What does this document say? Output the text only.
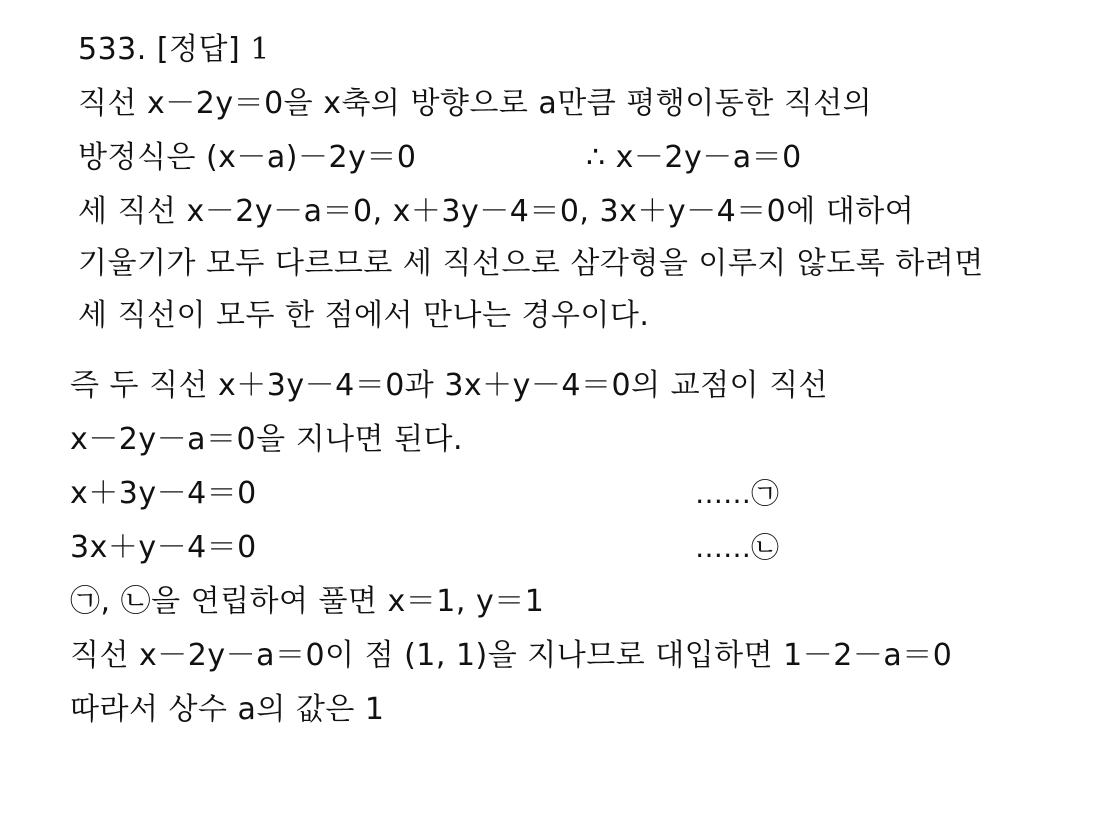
533. [정답] 1
직선 x－2y＝0을 x축의 방향으로 a만큼 평행이동한 직선의
방정식은 (x－a)－2y＝0	∴ x－2y－a＝0
세 직선 x－2y－a＝0, x＋3y－4＝0, 3x＋y－4＝0에 대하여
기울기가 모두 다르므로 세 직선으로 삼각형을 이루지 않도록 하려면
세 직선이 모두 한 점에서 만나는 경우이다.
즉 두 직선 x＋3y－4＝0과 3x＋y－4＝0의 교점이 직선
x－2y－a＝0을 지나면 된다.
x＋3y－4＝0	……㉠
3x＋y－4＝0	……㉡
㉠, ㉡을 연립하여 풀면 x＝1, y＝1
직선 x－2y－a＝0이 점 (1, 1)을 지나므로 대입하면 1－2－a＝0
따라서 상수 a의 값은 1
